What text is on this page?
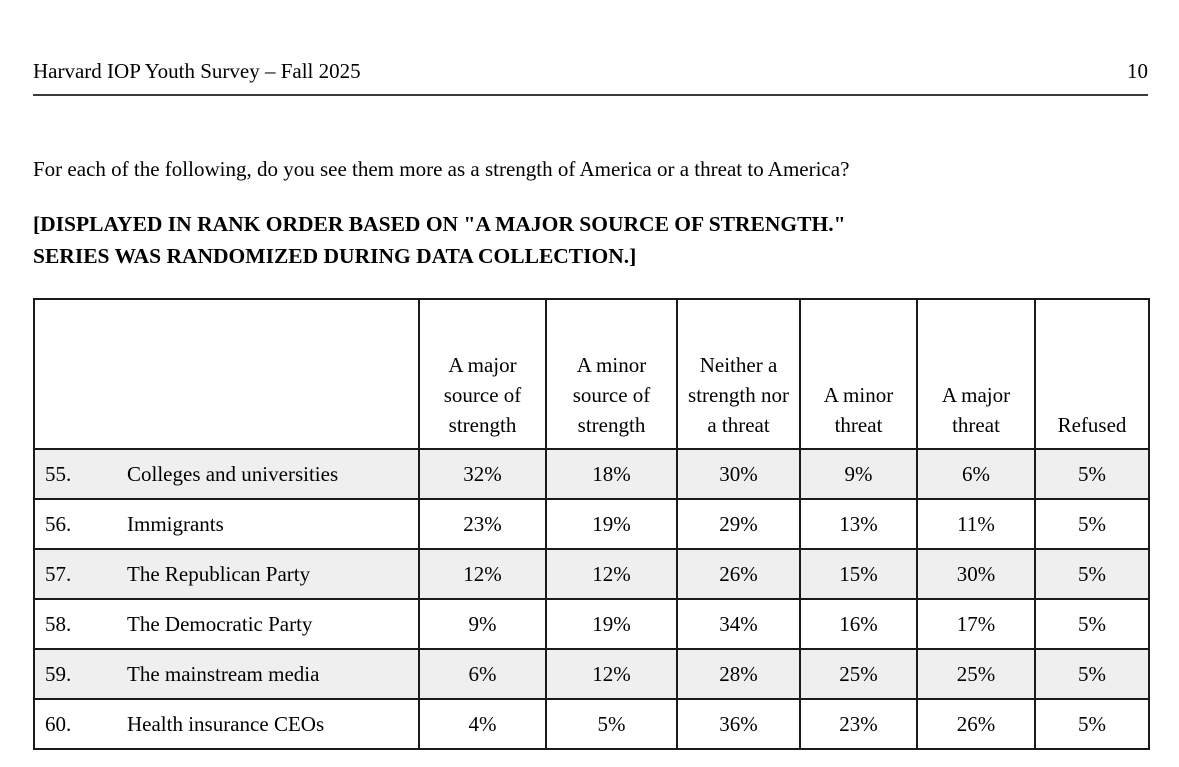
Harvard IOP Youth Survey – Fall 2025	10
For each of the following, do you see them more as a strength of America or a threat to America?
[DISPLAYED IN RANK ORDER BASED ON "A MAJOR SOURCE OF STRENGTH."
SERIES WAS RANDOMIZED DURING DATA COLLECTION.]
	A major source of strength	A minor source of strength	Neither a strength nor a threat	A minor threat	A major threat	Refused
55. Colleges and universities	32%	18%	30%	9%	6%	5%
56. Immigrants	23%	19%	29%	13%	11%	5%
57. The Republican Party	12%	12%	26%	15%	30%	5%
58. The Democratic Party	9%	19%	34%	16%	17%	5%
59. The mainstream media	6%	12%	28%	25%	25%	5%
60. Health insurance CEOs	4%	5%	36%	23%	26%	5%
